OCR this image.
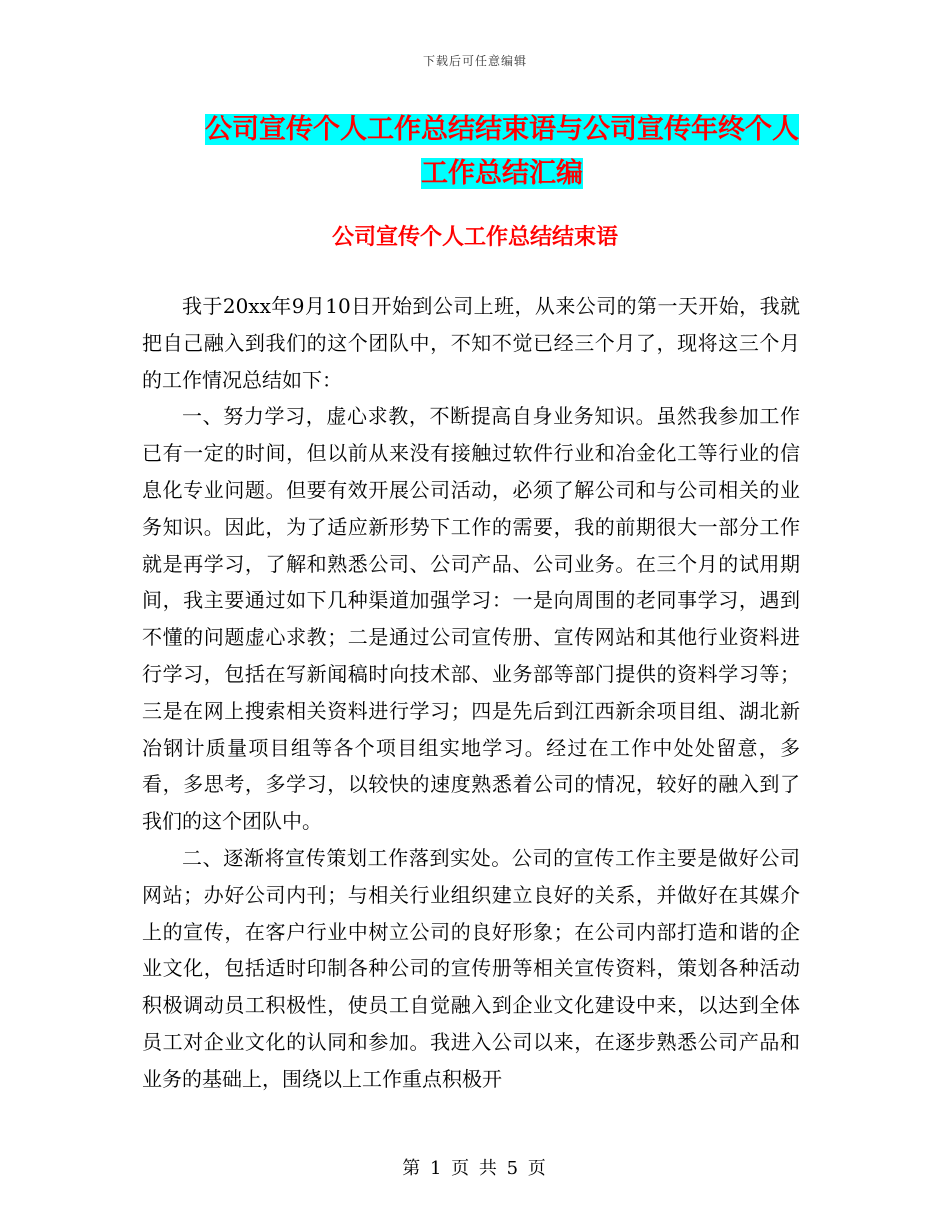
下载后可任意编辑
公司宣传个人工作总结结束语与公司宣传年终个人工作总结汇编
公司宣传个人工作总结结束语

我于20xx年9月10日开始到公司上班，从来公司的第一天开始，我就把自己融入到我们的这个团队中，不知不觉已经三个月了，现将这三个月的工作情况总结如下：

一、努力学习，虚心求教，不断提高自身业务知识。虽然我参加工作已有一定的时间，但以前从来没有接触过软件行业和冶金化工等行业的信息化专业问题。但要有效开展公司活动，必须了解公司和与公司相关的业务知识。因此，为了适应新形势下工作的需要，我的前期很大一部分工作就是再学习，了解和熟悉公司、公司产品、公司业务。在三个月的试用期间，我主要通过如下几种渠道加强学习：一是向周围的老同事学习，遇到不懂的问题虚心求教；二是通过公司宣传册、宣传网站和其他行业资料进行学习，包括在写新闻稿时向技术部、业务部等部门提供的资料学习等；三是在网上搜索相关资料进行学习；四是先后到江西新余项目组、湖北新冶钢计质量项目组等各个项目组实地学习。经过在工作中处处留意，多看，多思考，多学习，以较快的速度熟悉着公司的情况，较好的融入到了我们的这个团队中。

二、逐渐将宣传策划工作落到实处。公司的宣传工作主要是做好公司网站；办好公司内刊；与相关行业组织建立良好的关系，并做好在其媒介上的宣传，在客户行业中树立公司的良好形象；在公司内部打造和谐的企业文化，包括适时印制各种公司的宣传册等相关宣传资料，策划各种活动积极调动员工积极性，使员工自觉融入到企业文化建设中来，以达到全体员工对企业文化的认同和参加。我进入公司以来，在逐步熟悉公司产品和业务的基础上，围绕以上工作重点积极开

第 1 页 共 5 页
